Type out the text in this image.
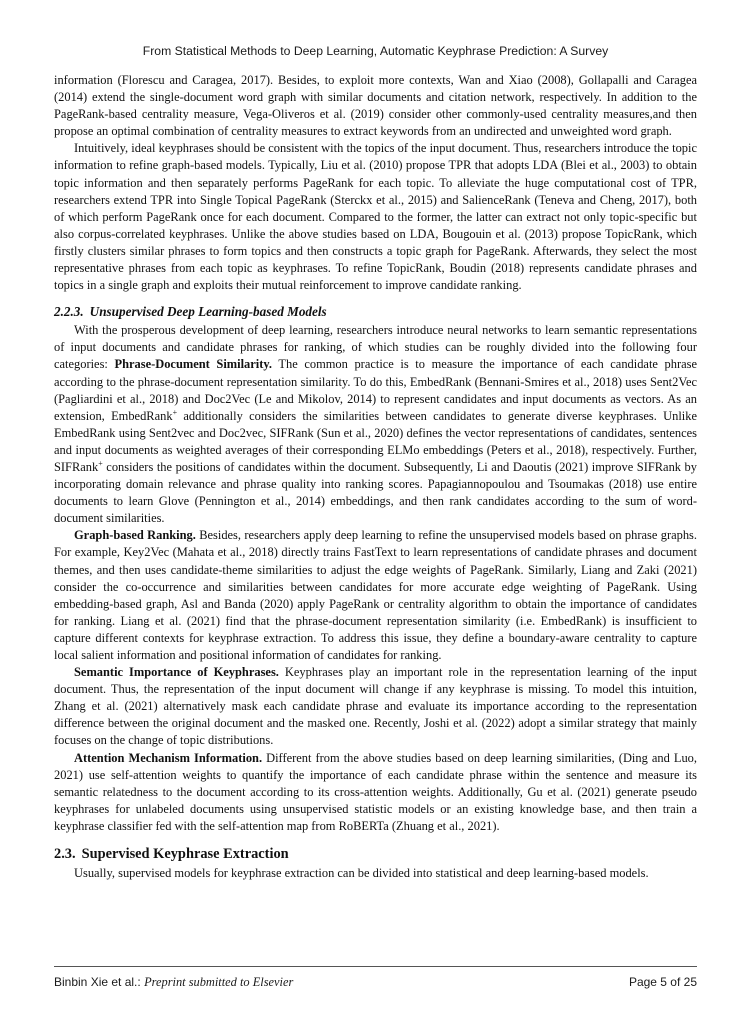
From Statistical Methods to Deep Learning, Automatic Keyphrase Prediction: A Survey

information (Florescu and Caragea, 2017). Besides, to exploit more contexts, Wan and Xiao (2008), Gollapalli and Caragea (2014) extend the single-document word graph with similar documents and citation network, respectively. In addition to the PageRank-based centrality measure, Vega-Oliveros et al. (2019) consider other commonly-used centrality measures,and then propose an optimal combination of centrality measures to extract keywords from an undirected and unweighted word graph.

Intuitively, ideal keyphrases should be consistent with the topics of the input document. Thus, researchers introduce the topic information to refine graph-based models. Typically, Liu et al. (2010) propose TPR that adopts LDA (Blei et al., 2003) to obtain topic information and then separately performs PageRank for each topic. To alleviate the huge computational cost of TPR, researchers extend TPR into Single Topical PageRank (Sterckx et al., 2015) and SalienceRank (Teneva and Cheng, 2017), both of which perform PageRank once for each document. Compared to the former, the latter can extract not only topic-specific but also corpus-correlated keyphrases. Unlike the above studies based on LDA, Bougouin et al. (2013) propose TopicRank, which firstly clusters similar phrases to form topics and then constructs a topic graph for PageRank. Afterwards, they select the most representative phrases from each topic as keyphrases. To refine TopicRank, Boudin (2018) represents candidate phrases and topics in a single graph and exploits their mutual reinforcement to improve candidate ranking.

2.2.3. Unsupervised Deep Learning-based Models

With the prosperous development of deep learning, researchers introduce neural networks to learn semantic representations of input documents and candidate phrases for ranking, of which studies can be roughly divided into the following four categories: Phrase-Document Similarity. The common practice is to measure the importance of each candidate phrase according to the phrase-document representation similarity. To do this, EmbedRank (Bennani-Smires et al., 2018) uses Sent2Vec (Pagliardini et al., 2018) and Doc2Vec (Le and Mikolov, 2014) to represent candidates and input documents as vectors. As an extension, EmbedRank+ additionally considers the similarities between candidates to generate diverse keyphrases. Unlike EmbedRank using Sent2vec and Doc2vec, SIFRank (Sun et al., 2020) defines the vector representations of candidates, sentences and input documents as weighted averages of their corresponding ELMo embeddings (Peters et al., 2018), respectively. Further, SIFRank+ considers the positions of candidates within the document. Subsequently, Li and Daoutis (2021) improve SIFRank by incorporating domain relevance and phrase quality into ranking scores. Papagiannopoulou and Tsoumakas (2018) use entire documents to learn Glove (Pennington et al., 2014) embeddings, and then rank candidates according to the sum of word-document similarities.

Graph-based Ranking. Besides, researchers apply deep learning to refine the unsupervised models based on phrase graphs. For example, Key2Vec (Mahata et al., 2018) directly trains FastText to learn representations of candidate phrases and document themes, and then uses candidate-theme similarities to adjust the edge weights of PageRank. Similarly, Liang and Zaki (2021) consider the co-occurrence and similarities between candidates for more accurate edge weighting of PageRank. Using embedding-based graph, Asl and Banda (2020) apply PageRank or centrality algorithm to obtain the importance of candidates for ranking. Liang et al. (2021) find that the phrase-document representation similarity (i.e. EmbedRank) is insufficient to capture different contexts for keyphrase extraction. To address this issue, they define a boundary-aware centrality to capture local salient information and positional information of candidates for ranking.

Semantic Importance of Keyphrases. Keyphrases play an important role in the representation learning of the input document. Thus, the representation of the input document will change if any keyphrase is missing. To model this intuition, Zhang et al. (2021) alternatively mask each candidate phrase and evaluate its importance according to the representation difference between the original document and the masked one. Recently, Joshi et al. (2022) adopt a similar strategy that mainly focuses on the change of topic distributions.

Attention Mechanism Information. Different from the above studies based on deep learning similarities, (Ding and Luo, 2021) use self-attention weights to quantify the importance of each candidate phrase within the sentence and measure its semantic relatedness to the document according to its cross-attention weights. Additionally, Gu et al. (2021) generate pseudo keyphrases for unlabeled documents using unsupervised statistic models or an existing knowledge base, and then train a keyphrase classifier fed with the self-attention map from RoBERTa (Zhuang et al., 2021).

2.3. Supervised Keyphrase Extraction

Usually, supervised models for keyphrase extraction can be divided into statistical and deep learning-based models.

Binbin Xie et al.: Preprint submitted to Elsevier	Page 5 of 25
